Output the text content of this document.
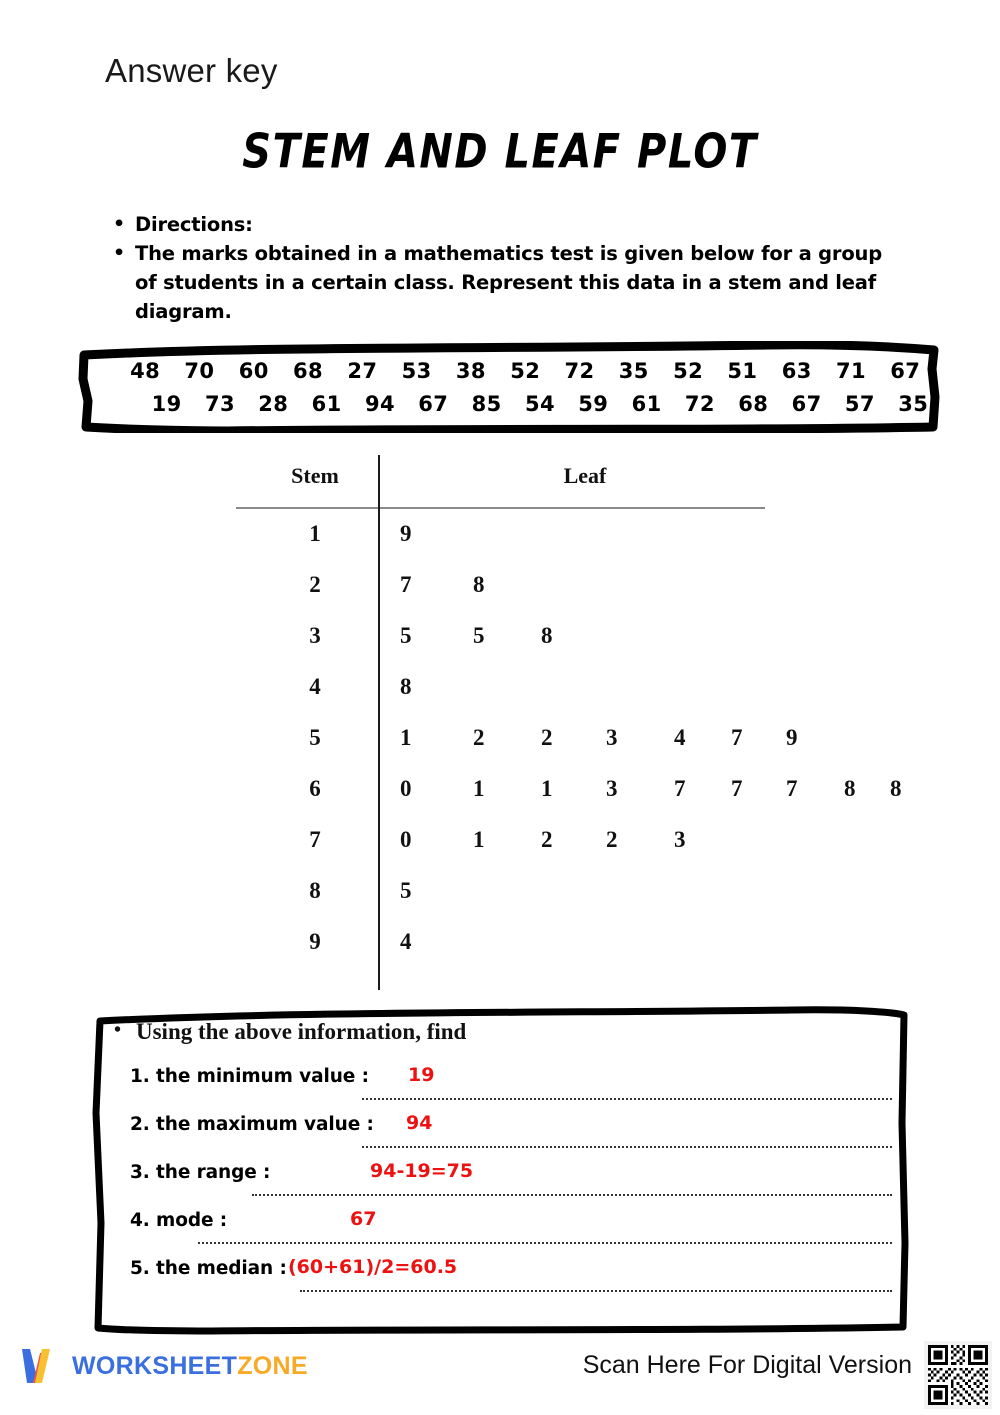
Answer key
STEM AND LEAF PLOT
• Directions:
• The marks obtained in a mathematics test is given below for a group of students in a certain class. Represent this data in a stem and leaf diagram.
48	70	60	68	27	53	38	52	72	35	52	51	63	71	67
19	73	28	61	94	67	85	54	59	61	72	68	67	57	35
Stem	Leaf
1	9
2	7	8
3	5	5	8
4	8
5	1	2	2	3	4	7	9
6	0	1	1	3	7	7	7	8	8
7	0	1	2	2	3
8	5
9	4
• Using the above information, find
1. the minimum value : 19
2. the maximum value : 94
3. the range :	94-19=75
4. mode :	67
5. the median : (60+61)/2=60.5
WORKSHEETZONE	Scan Here For Digital Version
